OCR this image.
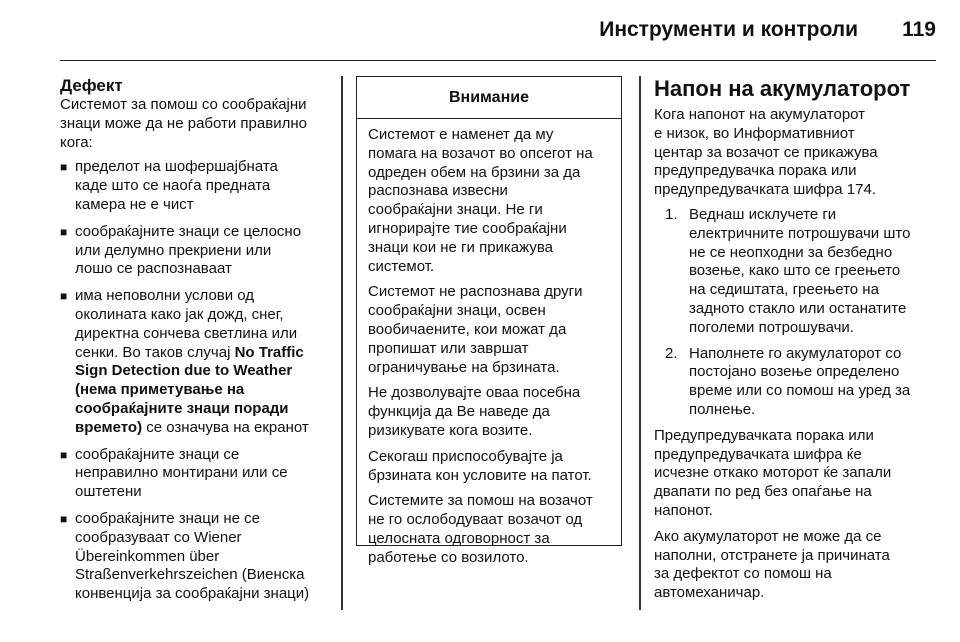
Инструменти и контроли 119
Дефект

Системот за помош со сообраќајни
знаци може да не работи правилно
кога:

■ пределот на шофершајбната
каде што се наоѓа предната
камера не е чист
■ сообраќајните знаци се целосно
или делумно прекриени или
лошо се распознаваат
■ има неповолни услови од
околината како јак дожд, снег,
директна сончева светлина или
сенки. Во таков случај No Traffic
Sign Detection due to Weather
(нема приметување на
сообраќајните знаци поради
времето) се означува на екранот
■ сообраќајните знаци се
неправилно монтирани или се
оштетени
■ сообраќајните знаци не се
сообразуваат со Wiener
Übereinkommen über
Straßenverkehrszeichen (Виенска
конвенција за сообраќајни знаци)
Внимание

Системот е наменет да му
помага на возачот во опсегот на
одреден обем на брзини за да
распознава извесни
сообраќајни знаци. Не ги
игнорирајте тие сообраќајни
знаци кои не ги прикажува
системот.

Системот не распознава други
сообраќајни знаци, освен
вообичаените, кои можат да
пропишат или завршат
ограничување на брзината.

Не дозволувајте оваа посебна
функција да Ве наведе да
ризикувате кога возите.

Секогаш приспособувајте ја
брзината кон условите на патот.

Системите за помош на возачот
не го ослободуваат возачот од
целосната одговорност за
работење со возилото.

Напон на акумулаторот

Кога напонот на акумулаторот
е низок, во Информативниот
центар за возачот се прикажува
предупредувачка порака или
предупредувачката шифра 174.

1. Веднаш исклучете ги
електричните потрошувачи што
не се неопходни за безбедно
возење, како што се греењето
на седиштата, греењето на
задното стакло или останатите
поголеми потрошувачи.
2. Наполнете го акумулаторот со
постојано возење определено
време или со помош на уред за
полнење.

Предупредувачката порака или
предупредувачката шифра ќе
исчезне откако моторот ќе запали
двапати по ред без опаѓање на
напонот.

Ако акумулаторот не може да се
наполни, отстранете ја причината
за дефектот со помош на
автомеханичар.
